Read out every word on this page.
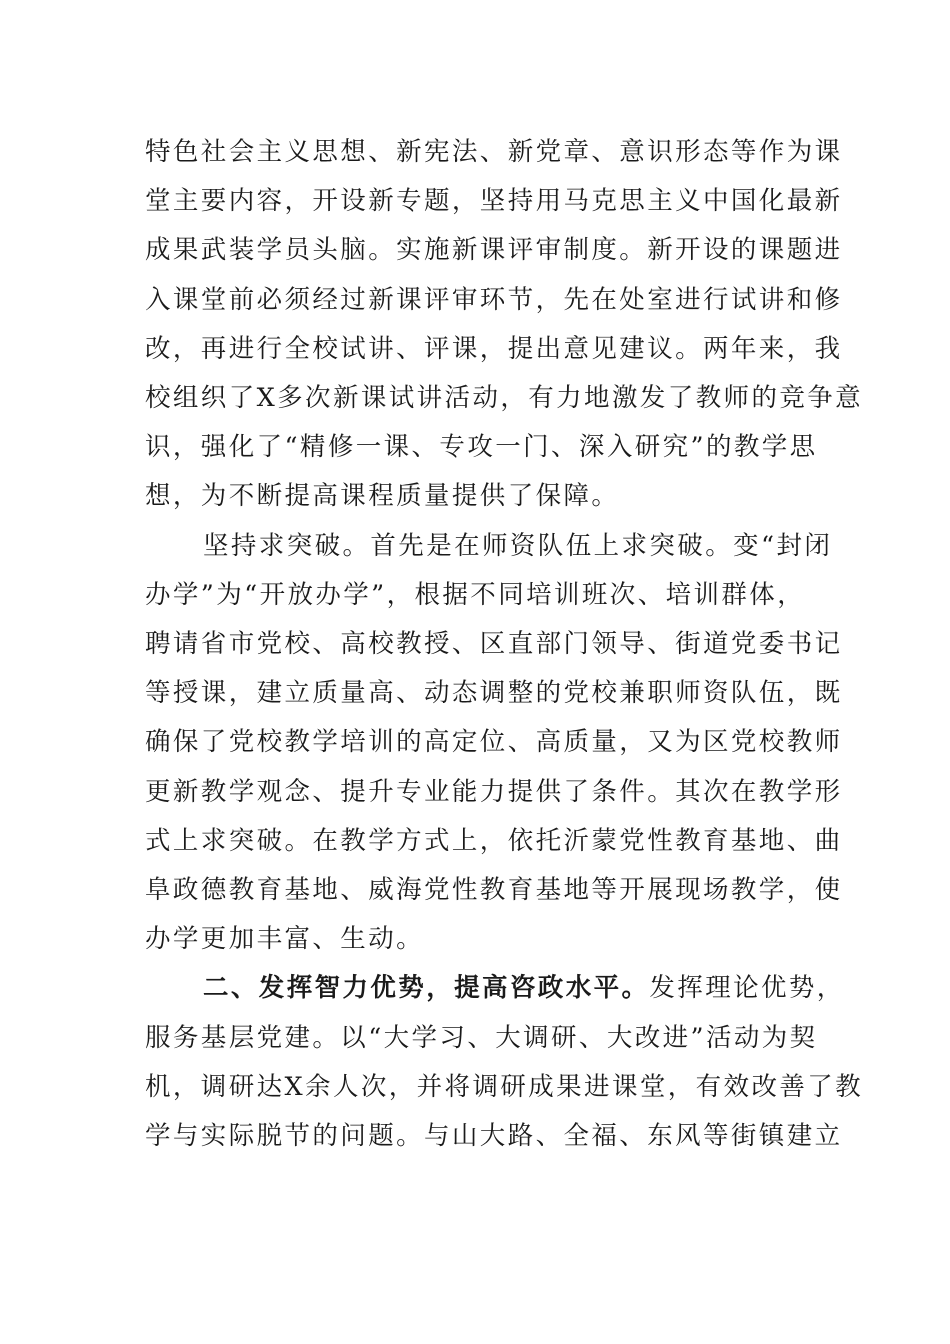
特色社会主义思想、新宪法、新党章、意识形态等作为课
堂主要内容，开设新专题，坚持用马克思主义中国化最新
成果武装学员头脑。实施新课评审制度。新开设的课题进
入课堂前必须经过新课评审环节，先在处室进行试讲和修
改，再进行全校试讲、评课，提出意见建议。两年来，我
校组织了X多次新课试讲活动，有力地激发了教师的竞争意
识，强化了“精修一课、专攻一门、深入研究”的教学思
想，为不断提高课程质量提供了保障。

坚持求突破。首先是在师资队伍上求突破。变“封闭
办学”为“开放办学”，根据不同培训班次、培训群体，
聘请省市党校、高校教授、区直部门领导、街道党委书记
等授课，建立质量高、动态调整的党校兼职师资队伍，既
确保了党校教学培训的高定位、高质量，又为区党校教师
更新教学观念、提升专业能力提供了条件。其次在教学形
式上求突破。在教学方式上，依托沂蒙党性教育基地、曲
阜政德教育基地、威海党性教育基地等开展现场教学，使
办学更加丰富、生动。

二、发挥智力优势，提高咨政水平。发挥理论优势，
服务基层党建。以“大学习、大调研、大改进”活动为契
机，调研达X余人次，并将调研成果进课堂，有效改善了教
学与实际脱节的问题。与山大路、全福、东风等街镇建立
